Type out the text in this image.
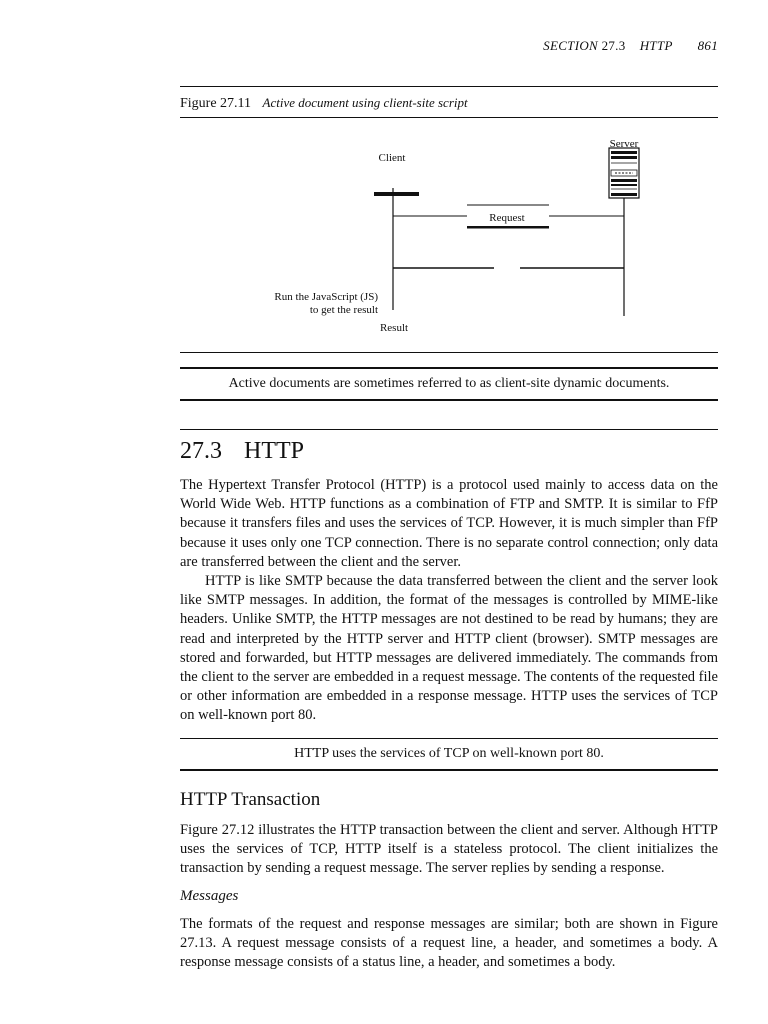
SECTION 27.3 HTTP 861
Figure 27.11 Active document using client-site script
Server
Client
Request
Run the JavaScript (JS)
to get the result
Result
Active documents are sometimes referred to as client-site dynamic documents.
27.3 HTTP

The Hypertext Transfer Protocol (HTTP) is a protocol used mainly to access data on the World Wide Web. HTTP functions as a combination of FTP and SMTP. It is similar to FfP because it transfers files and uses the services of TCP. However, it is much simpler than FfP because it uses only one TCP connection. There is no separate control connection; only data are transferred between the client and the server.

HTTP is like SMTP because the data transferred between the client and the server look like SMTP messages. In addition, the format of the messages is controlled by MIME-like headers. Unlike SMTP, the HTTP messages are not destined to be read by humans; they are read and interpreted by the HTTP server and HTTP client (browser). SMTP messages are stored and forwarded, but HTTP messages are delivered immediately. The commands from the client to the server are embedded in a request message. The contents of the requested file or other information are embedded in a response message. HTTP uses the services of TCP on well-known port 80.

HTTP uses the services of TCP on well-known port 80.
HTTP Transaction

Figure 27.12 illustrates the HTTP transaction between the client and server. Although HTTP uses the services of TCP, HTTP itself is a stateless protocol. The client initializes the transaction by sending a request message. The server replies by sending a response.

Messages

The formats of the request and response messages are similar; both are shown in Figure 27.13. A request message consists of a request line, a header, and sometimes a body. A response message consists of a status line, a header, and sometimes a body.
